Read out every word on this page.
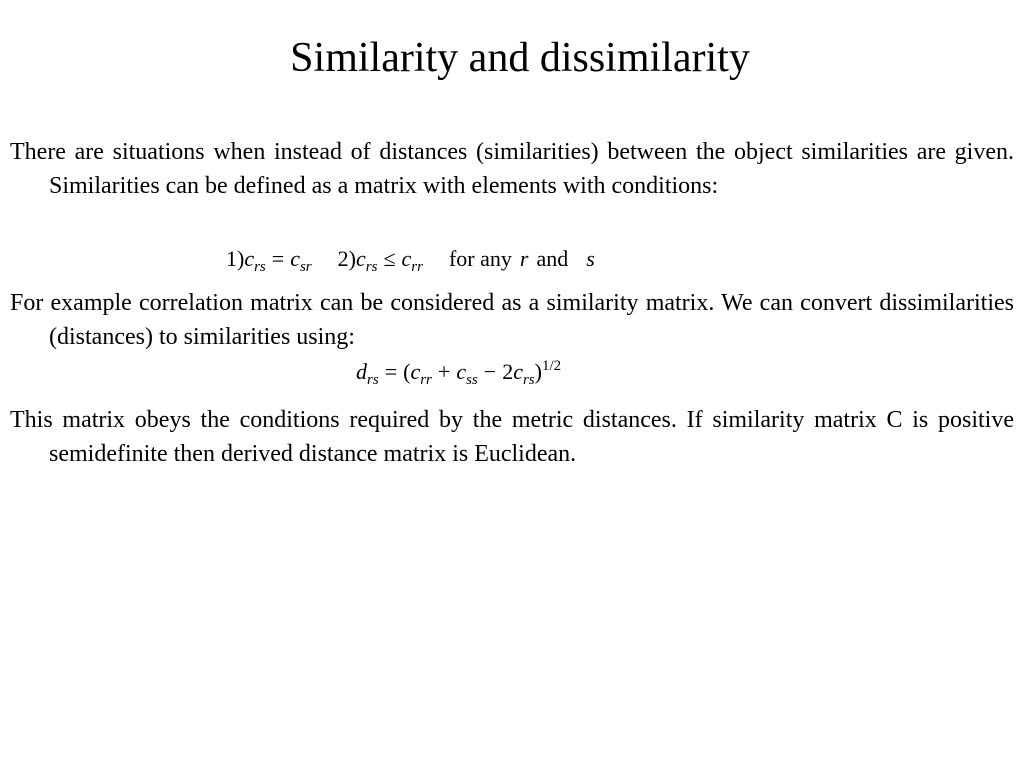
Similarity and dissimilarity
There are situations when instead of distances (similarities) between the object similarities are given. Similarities can be defined as a matrix with elements with conditions:
$1)c_{rs} = c_{sr}$ $2)c_{rs} \le c_{rr}$ for any r and s
For example correlation matrix can be considered as a similarity matrix. We can convert dissimilarities (distances) to similarities using:
$d_{rs} = (c_{rr} + c_{ss} - 2c_{rs})^{1/2}$
This matrix obeys the conditions required by the metric distances. If similarity matrix C is positive semidefinite then derived distance matrix is Euclidean.
